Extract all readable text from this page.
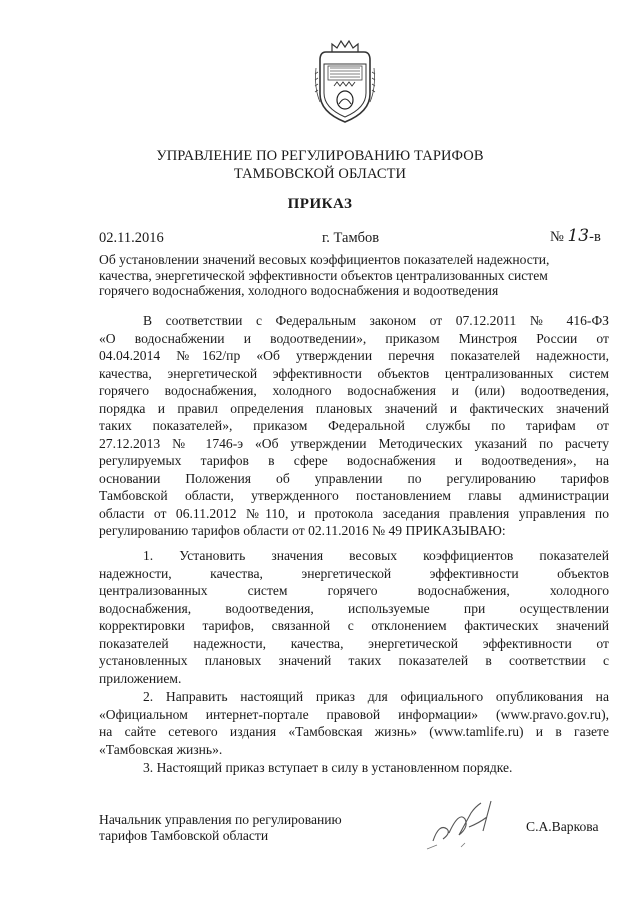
УПРАВЛЕНИЕ ПО РЕГУЛИРОВАНИЮ ТАРИФОВ
ТАМБОВСКОЙ ОБЛАСТИ
ПРИКАЗ
02.11.2016	г. Тамбов	№ 13-в
Об установлении значений весовых коэффициентов показателей надежности,
качества, энергетической эффективности объектов централизованных систем
горячего водоснабжения, холодного водоснабжения и водоотведения
В соответствии с Федеральным законом от 07.12.2011 № 416-ФЗ
«О водоснабжении и водоотведении», приказом Минстроя России от
04.04.2014 №162/пр «Об утверждении перечня показателей надежности,
качества, энергетической эффективности объектов централизованных систем
горячего водоснабжения, холодного водоснабжения и (или) водоотведения,
порядка и правил определения плановых значений и фактических значений
таких показателей», приказом Федеральной службы по тарифам от
27.12.2013 № 1746-э «Об утверждении Методических указаний по расчету
регулируемых тарифов в сфере водоснабжения и водоотведения», на
основании Положения об управлении по регулированию тарифов
Тамбовской области, утвержденного постановлением главы администрации
области от 06.11.2012 №110, и протокола заседания правления управления по
регулированию тарифов области от 02.11.2016 № 49 ПРИКАЗЫВАЮ:
1. Установить значения весовых коэффициентов показателей
надежности, качества, энергетической эффективности объектов
централизованных систем горячего водоснабжения, холодного
водоснабжения, водоотведения, используемые при осуществлении
корректировки тарифов, связанной с отклонением фактических значений
показателей надежности, качества, энергетической эффективности от
установленных плановых значений таких показателей в соответствии с
приложением.
2. Направить настоящий приказ для официального опубликования на
«Официальном интернет-портале правовой информации» (www.pravo.gov.ru),
на сайте сетевого издания «Тамбовская жизнь» (www.tamlife.ru) и в газете
«Тамбовская жизнь».
3. Настоящий приказ вступает в силу в установленном порядке.
Начальник управления по регулированию
тарифов Тамбовской области
С.А.Варкова
